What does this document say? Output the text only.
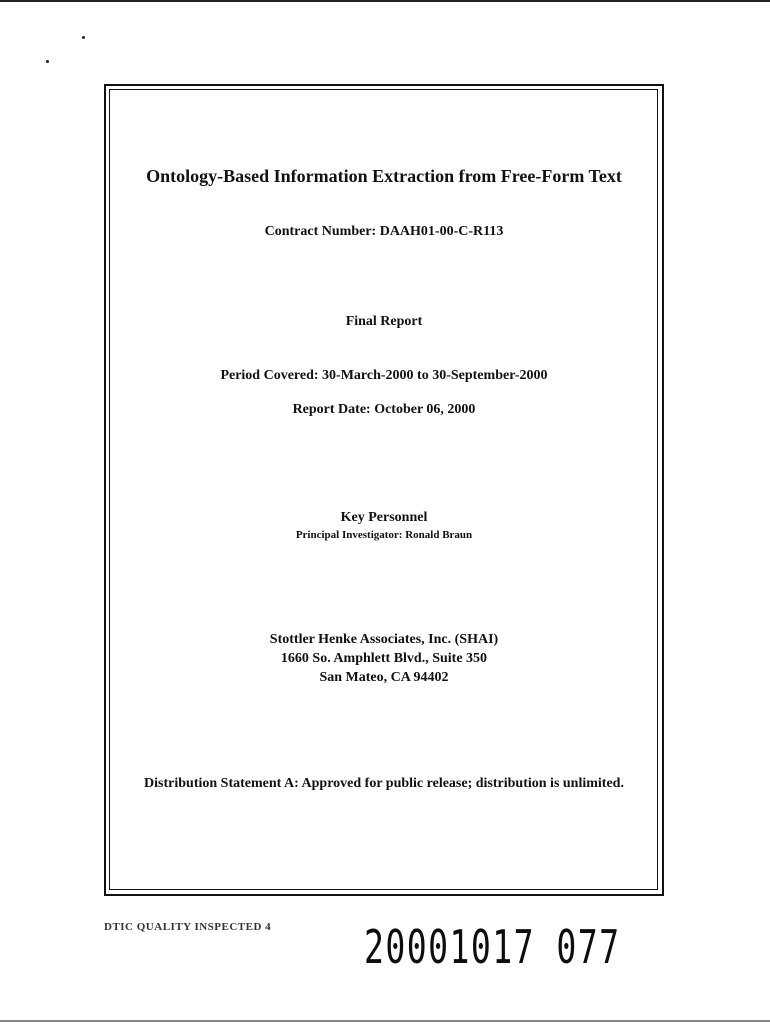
Ontology-Based Information Extraction from Free-Form Text
Contract Number: DAAH01-00-C-R113
Final Report
Period Covered: 30-March-2000 to 30-September-2000
Report Date: October 06, 2000
Key Personnel
Principal Investigator: Ronald Braun
Stottler Henke Associates, Inc. (SHAI)
1660 So. Amphlett Blvd., Suite 350
San Mateo, CA 94402
Distribution Statement A: Approved for public release; distribution is unlimited.
DTIC QUALITY INSPECTED 4 20001017 077
